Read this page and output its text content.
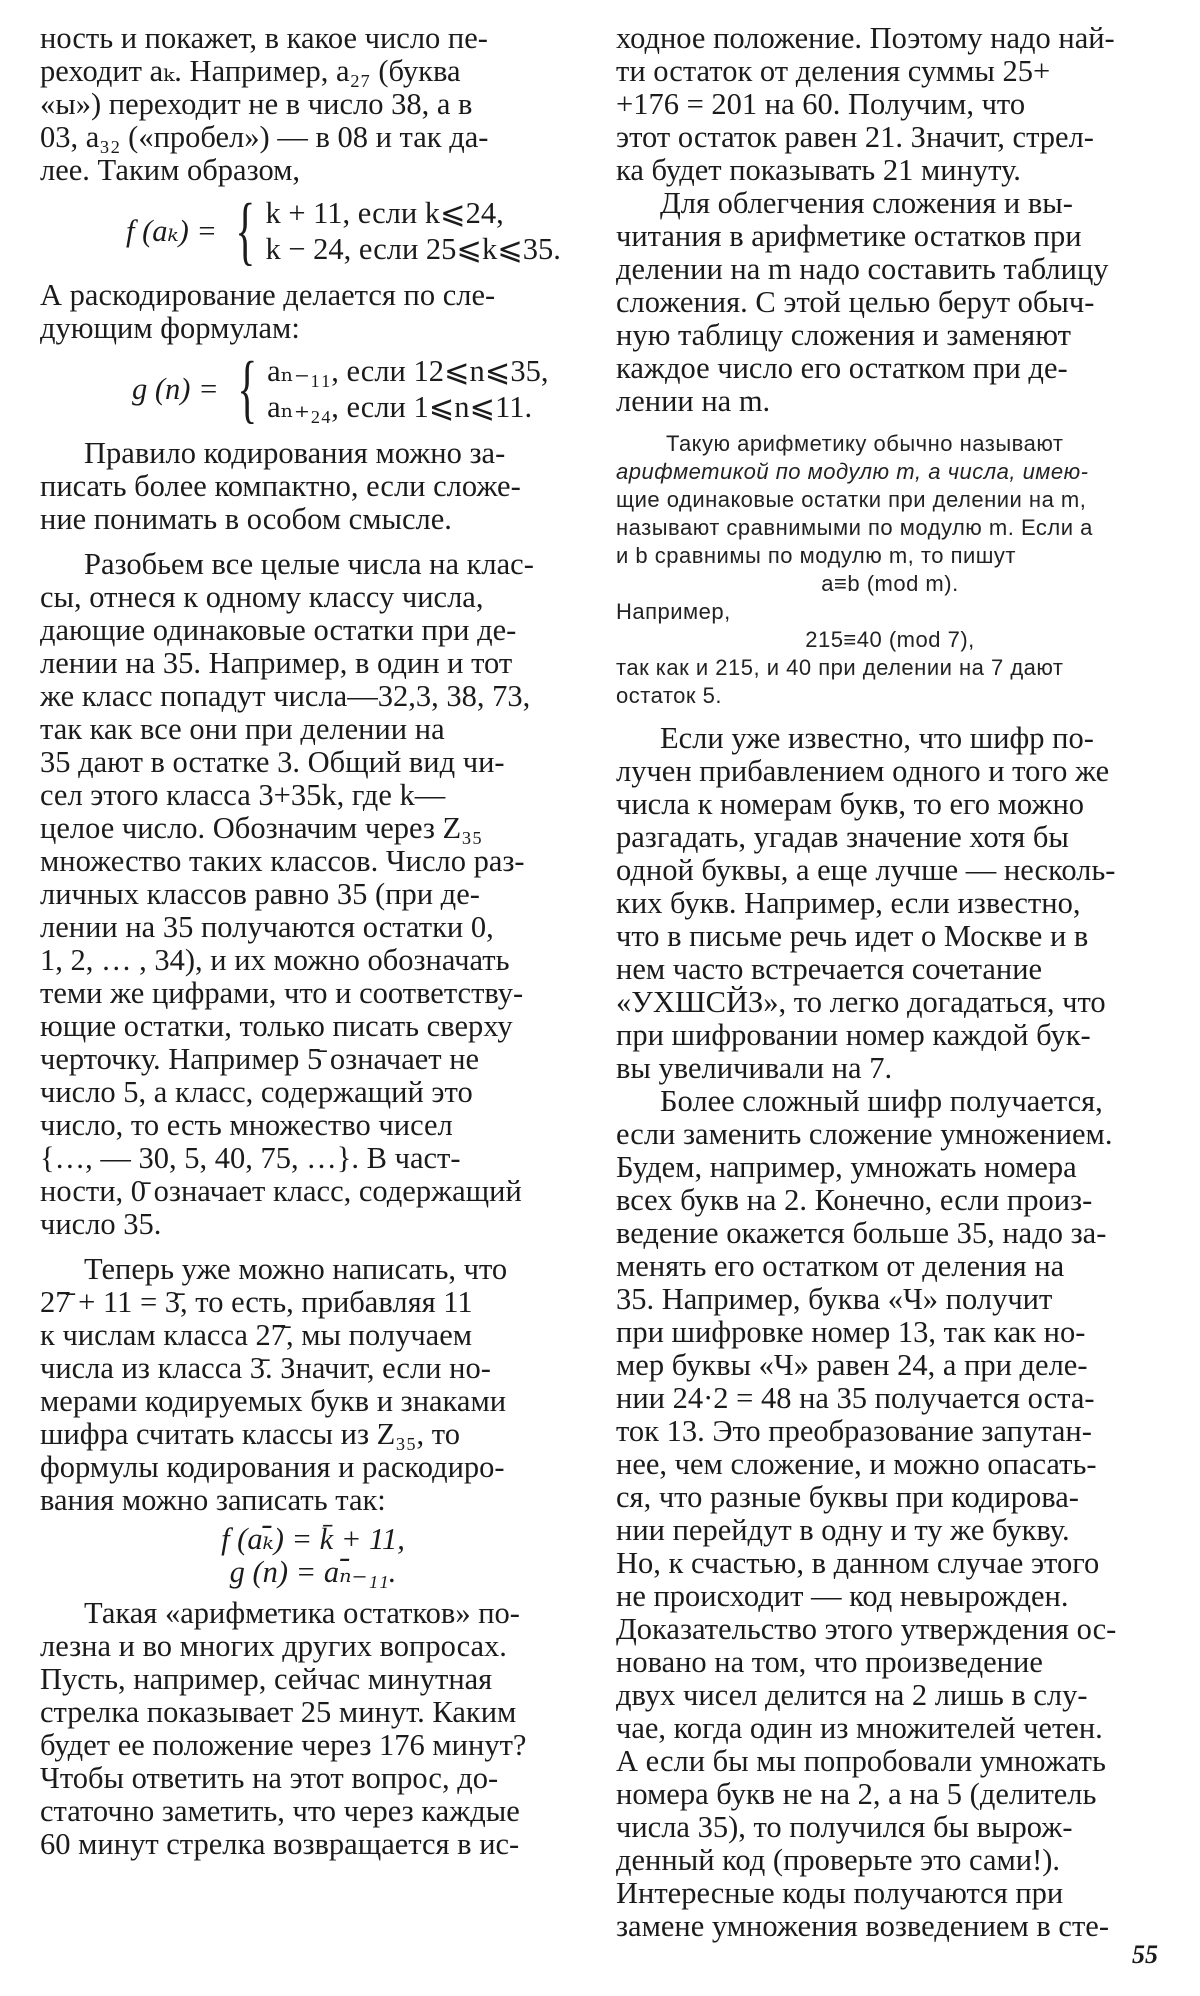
ность и покажет, в какое число пе-
реходит aₖ. Например, a₂₇ (буква
«ы») переходит не в число 38, а в
03, a₃₂ («пробел») — в 08 и так да-
лее. Таким образом,
f (aₖ) = { k + 11, если k⩽24,
k − 24, если 25⩽k⩽35.
А раскодирование делается по сле-
дующим формулам:
g (n) = { aₙ₋₁₁, если 12⩽n⩽35,
aₙ₊₂₄, если 1⩽n⩽11.
Правило кодирования можно за-
писать более компактно, если сложе-
ние понимать в особом смысле.
Разобьем все целые числа на клас-
сы, отнеся к одному классу числа,
дающие одинаковые остатки при де-
лении на 35. Например, в один и тот
же класс попадут числа—32,3, 38, 73,
так как все они при делении на
35 дают в остатке 3. Общий вид чи-
сел этого класса 3+35k, где k—
целое число. Обозначим через Z₃₅
множество таких классов. Число раз-
личных классов равно 35 (при де-
лении на 35 получаются остатки 0,
1, 2, … , 34), и их можно обозначать
теми же цифрами, что и соответству-
ющие остатки, только писать сверху
черточку. Например 5̄ означает не
число 5, а класс, содержащий это
число, то есть множество чисел
{…, — 30, 5, 40, 75, …}. В част-
ности, 0̄ означает класс, содержащий
число 35.
Теперь уже можно написать, что
27̄ + 11 = 3̄, то есть, прибавляя 11
к числам класса 27̄, мы получаем
числа из класса 3̄. Значит, если но-
мерами кодируемых букв и знаками
шифра считать классы из Z₃₅, то
формулы кодирования и раскодиро-
вания можно записать так:
f (aₖ̄) = k̄ + 11,
g (n) = aₙ̄₋₁₁.
Такая «арифметика остатков» по-
лезна и во многих других вопросах.
Пусть, например, сейчас минутная
стрелка показывает 25 минут. Каким
будет ее положение через 176 минут?
Чтобы ответить на этот вопрос, до-
статочно заметить, что через каждые
60 минут стрелка возвращается в ис-
ходное положение. Поэтому надо най-
ти остаток от деления суммы 25+
+176 = 201 на 60. Получим, что
этот остаток равен 21. Значит, стрел-
ка будет показывать 21 минуту.
Для облегчения сложения и вы-
читания в арифметике остатков при
делении на m надо составить таблицу
сложения. С этой целью берут обыч-
ную таблицу сложения и заменяют
каждое число его остатком при де-
лении на m.
Такую арифметику обычно называют
арифметикой по модулю m, а числа, имею-
щие одинакoвые остатки при делении на m,
называют сравнимыми по модулю m. Если a
и b сравнимы по модулю m, то пишут
a≡b (mod m).
Например,
215≡40 (mod 7),
так как и 215, и 40 при делении на 7 дают
остаток 5.
Если уже известно, что шифр по-
лучен прибавлением одного и того же
числа к номерам букв, то его можно
разгадать, угадав значение хотя бы
одной буквы, а еще лучше — несколь-
ких букв. Например, если известно,
что в письме речь идет о Москве и в
нем часто встречается сочетание
«УХШСЙЗ», то легко догадаться, что
при шифровании номер каждой бук-
вы увеличивали на 7.
Более сложный шифр получается,
если заменить сложение умножением.
Будем, например, умножать номера
всех букв на 2. Конечно, если произ-
ведение окажется больше 35, надо за-
менять его остатком от деления на
35. Например, буква «Ч» получит
при шифровке номер 13, так как но-
мер буквы «Ч» равен 24, а при деле-
нии 24·2 = 48 на 35 получается оста-
ток 13. Это преобразование запутан-
нее, чем сложение, и можно опасать-
ся, что разные буквы при кодирова-
нии перейдут в одну и ту же букву.
Но, к счастью, в данном случае этого
не происходит — код невырожден.
Доказательство этого утверждения ос-
новано на том, что произведение
двух чисел делится на 2 лишь в слу-
чае, когда один из множителей четен.
А если бы мы попробовали умножать
номера букв не на 2, а на 5 (делитель
числа 35), то получился бы вырож-
денный код (проверьте это сами!).
Интересные коды получаются при
замене умножения возведением в сте-
55
